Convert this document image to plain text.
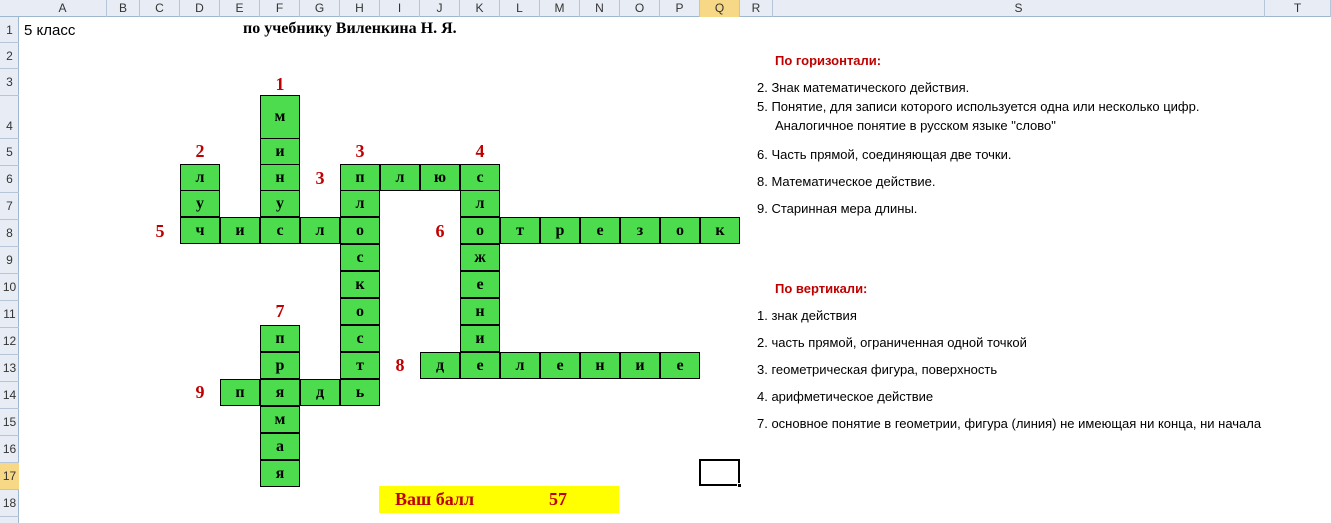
A	B	C	D	E	F	G	H	I	J	K	L	M	N	O	P	Q	R	S	T
1
2
3
4
5
6
7
8
9
10
11
12
13
14
15
16
17
18
5 класс	по учебнику Виленкина Н. Я.
1
2	3	4
3
5	6
7
8
9
м
и
н
у
л
у
п	л	ю	с
ч	и	с	л	о
л
с
к
о
с
т
ь
л
о
ж
е
н
и
т	р	е	з	о	к
д	е	л	е	н	и	е
п
р
м
а
я
п	я	д
По горизонтали:
2. Знак математического действия.
5. Понятие, для записи которого используется одна или несколько цифр.
Аналогичное понятие в русском языке "слово"
6. Часть прямой, соединяющая две точки.
8. Математическое действие.
9. Старинная мера длины.
По вертикали:
1. знак действия
2. часть прямой, ограниченная одной точкой
3. геометрическая фигура, поверхность
4. арифметическое действие
7. основное понятие в геометрии, фигура (линия) не имеющая ни конца, ни начала
Ваш балл	57
